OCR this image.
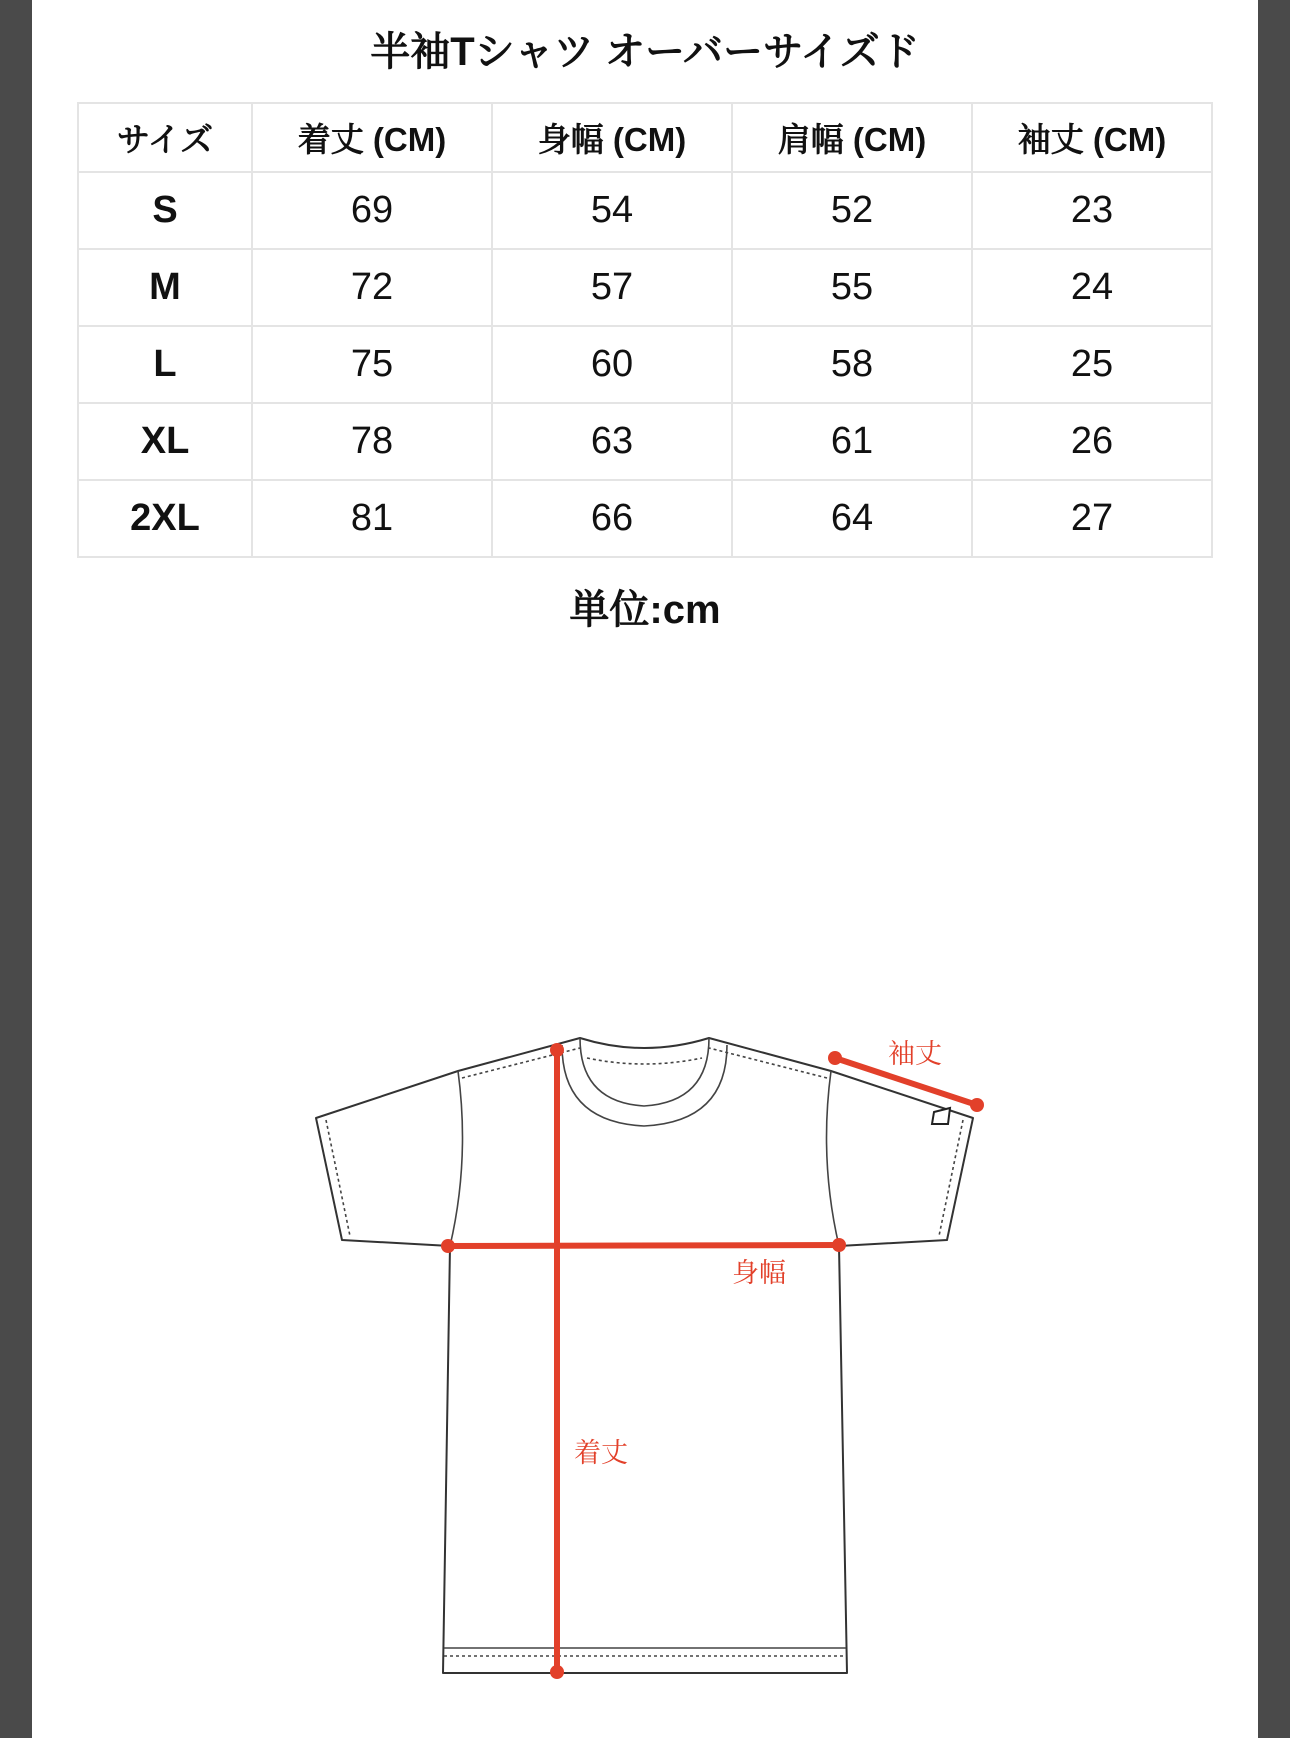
半袖Tシャツ オーバーサイズド
サイズ	着丈 (CM)	身幅 (CM)	肩幅 (CM)	袖丈 (CM)
S	69	54	52	23
M	72	57	55	24
L	75	60	58	25
XL	78	63	61	26
2XL	81	66	64	27
単位:cm
袖丈
身幅
着丈
